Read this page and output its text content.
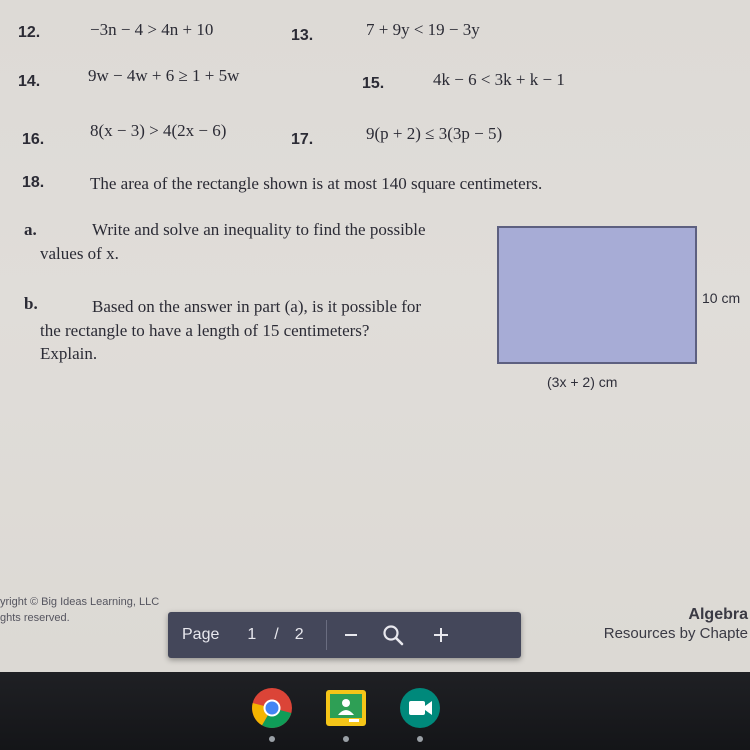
12.	−3n − 4 > 4n + 10	13.	7 + 9y < 19 − 3y
14.	9w − 4w + 6 ≥ 1 + 5w	15.	4k − 6 < 3k + k − 1
16.	8(x − 3) > 4(2x − 6)	17.	9(p + 2) ≤ 3(3p − 5)
18.	The area of the rectangle shown is at most 140 square centimeters.
a.	Write and solve an inequality to find the possible
values of x.
b.	Based on the answer in part (a), is it possible for
the rectangle to have a length of 15 centimeters?
Explain.
10 cm
(3x + 2) cm
yright © Big Ideas Learning, LLC
ghts reserved.	Algebra
Resources by Chapte
Page 1 / 2
